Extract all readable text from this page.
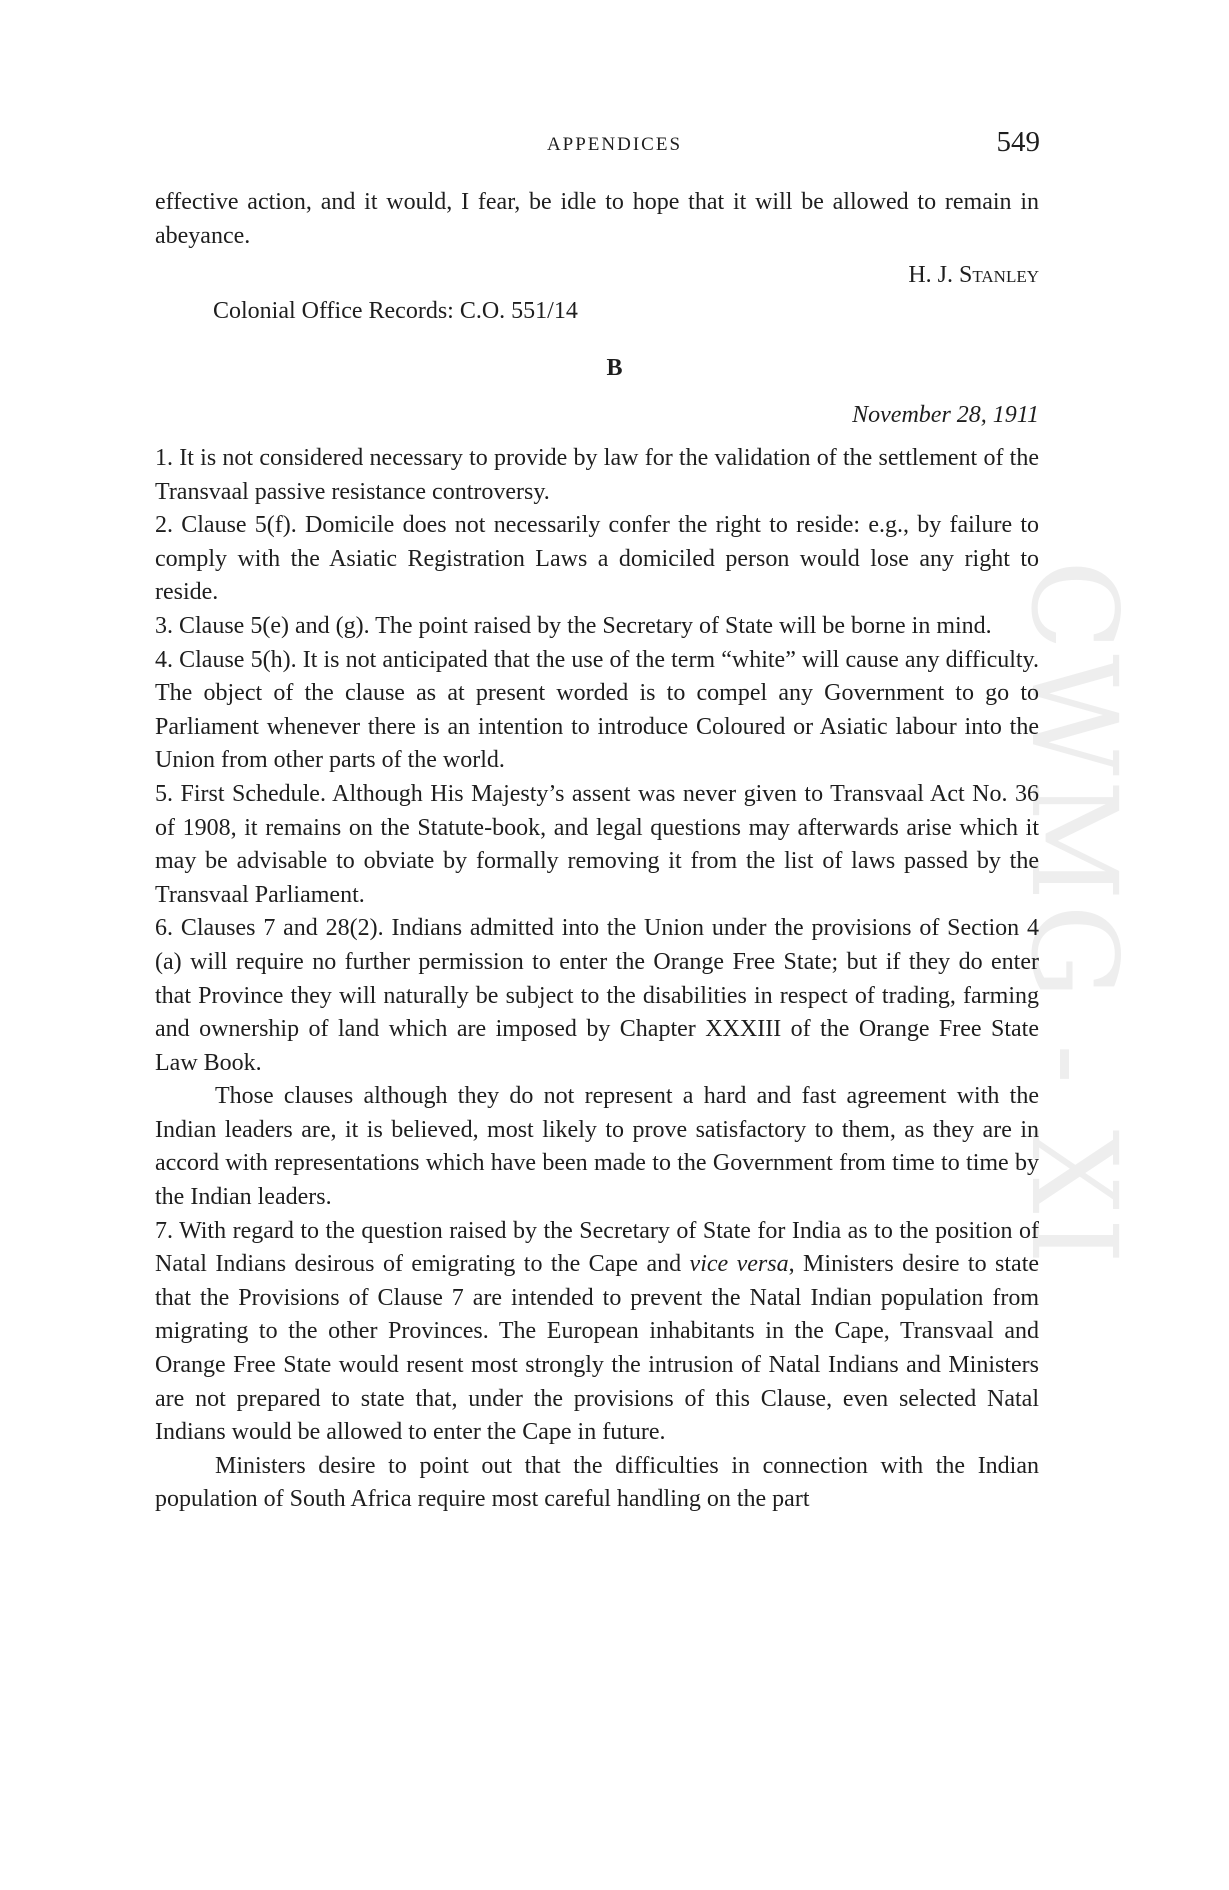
CWMG - XI
APPENDICES	549

effective action, and it would, I fear, be idle to hope that it will be allowed to remain in abeyance.

H. J. Stanley
Colonial Office Records: C.O. 551/14
B
November 28, 1911

1. It is not considered necessary to provide by law for the validation of the settlement of the Transvaal passive resistance controversy.

2. Clause 5(f). Domicile does not necessarily confer the right to reside: e.g., by failure to comply with the Asiatic Registration Laws a domiciled person would lose any right to reside.

3. Clause 5(e) and (g). The point raised by the Secretary of State will be borne in mind.

4. Clause 5(h). It is not anticipated that the use of the term “white” will cause any difficulty. The object of the clause as at present worded is to compel any Government to go to Parliament whenever there is an intention to introduce Coloured or Asiatic labour into the Union from other parts of the world.

5. First Schedule. Although His Majesty’s assent was never given to Transvaal Act No. 36 of 1908, it remains on the Statute-book, and legal questions may afterwards arise which it may be advisable to obviate by formally removing it from the list of laws passed by the Transvaal Parliament.

6. Clauses 7 and 28(2). Indians admitted into the Union under the provisions of Section 4 (a) will require no further permission to enter the Orange Free State; but if they do enter that Province they will naturally be subject to the disabilities in respect of trading, farming and ownership of land which are imposed by Chapter XXXIII of the Orange Free State Law Book.

Those clauses although they do not represent a hard and fast agreement with the Indian leaders are, it is believed, most likely to prove satisfactory to them, as they are in accord with representations which have been made to the Government from time to time by the Indian leaders.

7. With regard to the question raised by the Secretary of State for India as to the position of Natal Indians desirous of emigrating to the Cape and vice versa, Ministers desire to state that the Provisions of Clause 7 are intended to prevent the Natal Indian population from migrating to the other Provinces. The European inhabitants in the Cape, Transvaal and Orange Free State would resent most strongly the intrusion of Natal Indians and Ministers are not prepared to state that, under the provisions of this Clause, even selected Natal Indians would be allowed to enter the Cape in future.

Ministers desire to point out that the difficulties in connection with the Indian population of South Africa require most careful handling on the part
